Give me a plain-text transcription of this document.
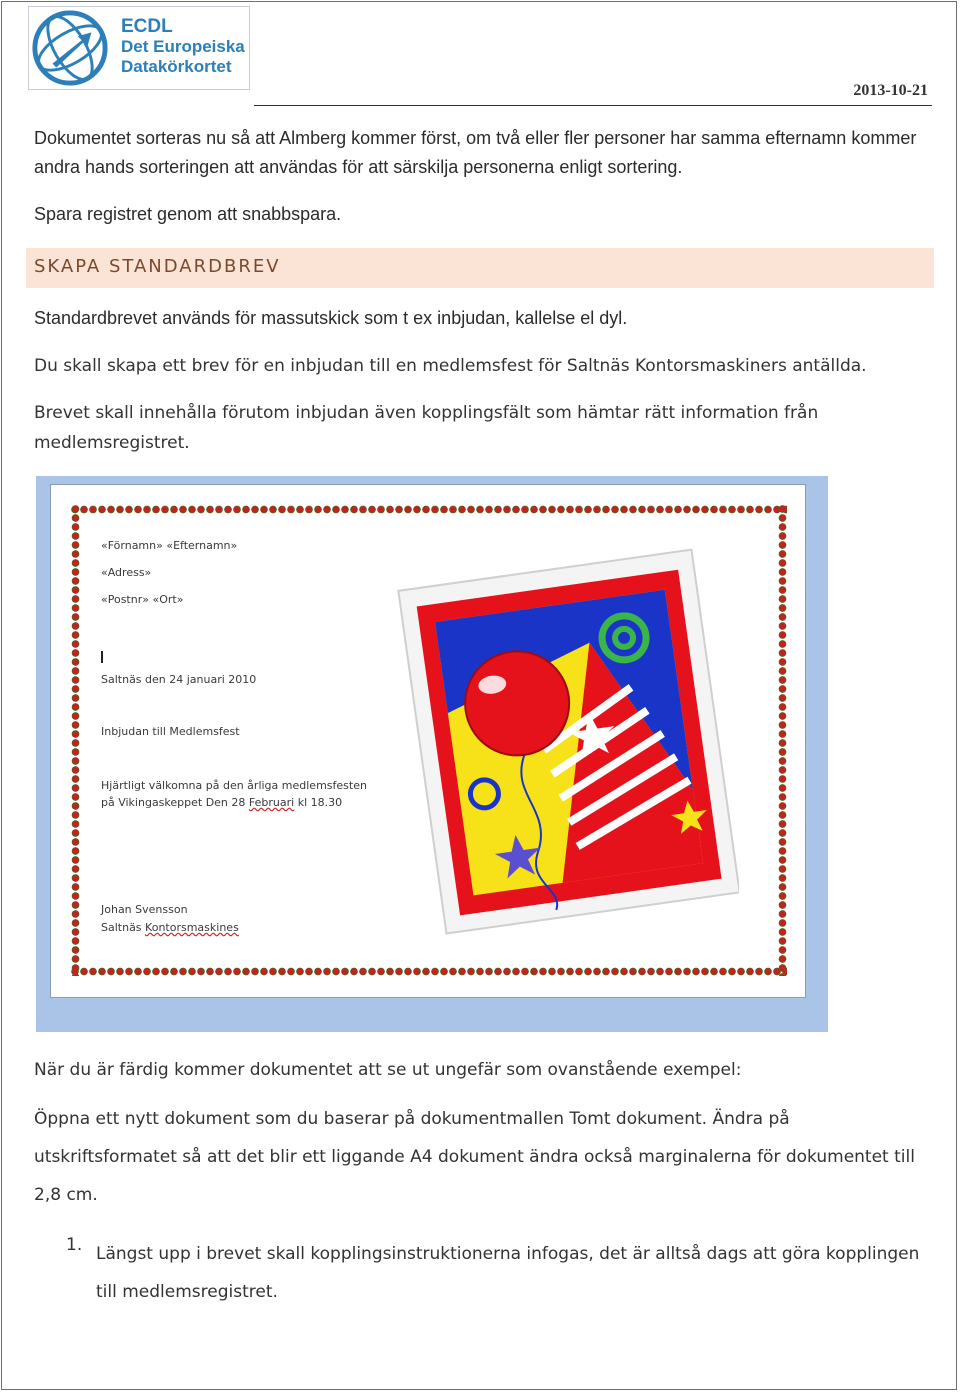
ECDL
Det Europeiska
Datakörkortet
2013-10-21
Dokumentet sorteras nu så att Almberg kommer först, om två eller fler personer har samma efternamn kommer andra hands sorteringen att användas för att särskilja personerna enligt sortering.
Spara registret genom att snabbspara.
SKAPA STANDARDBREV
Standardbrevet används för massutskick som t ex inbjudan, kallelse el dyl.
Du skall skapa ett brev för en inbjudan till en medlemsfest för Saltnäs Kontorsmaskiners antällda.
Brevet skall innehålla förutom inbjudan även kopplingsfält som hämtar rätt information från medlemsregistret.
«Förnamn» «Efternamn»
«Adress»
«Postnr» «Ort»
Saltnäs den 24 januari 2010
Inbjudan till Medlemsfest
Hjärtligt välkomna på den årliga medlemsfesten
på Vikingaskeppet Den 28 Februari kl 18.30
Johan Svensson
Saltnäs Kontorsmaskines
När du är färdig kommer dokumentet att se ut ungefär som ovanstående exempel:
Öppna ett nytt dokument som du baserar på dokumentmallen Tomt dokument. Ändra på utskriftsformatet så att det blir ett liggande A4 dokument ändra också marginalerna för dokumentet till 2,8 cm.
1. Längst upp i brevet skall kopplingsinstruktionerna infogas, det är alltså dags att göra kopplingen till medlemsregistret.
